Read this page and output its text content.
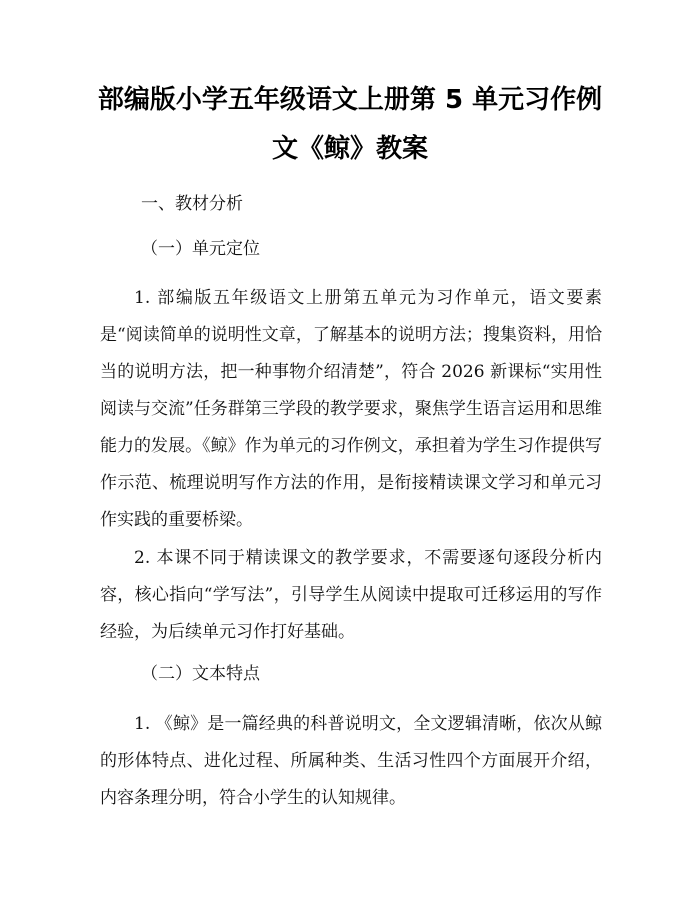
部编版小学五年级语文上册第 5 单元习作例
文《鲸》教案
一、教材分析
（一）单元定位

1. 部编版五年级语文上册第五单元为习作单元，语文要素是“阅读简单的说明性文章，了解基本的说明方法；搜集资料，用恰当的说明方法，把一种事物介绍清楚”，符合 2026 新课标“实用性阅读与交流”任务群第三学段的教学要求，聚焦学生语言运用和思维能力的发展。《鲸》作为单元的习作例文，承担着为学生习作提供写作示范、梳理说明写作方法的作用，是衔接精读课文学习和单元习作实践的重要桥梁。

2. 本课不同于精读课文的教学要求，不需要逐句逐段分析内容，核心指向“学写法”，引导学生从阅读中提取可迁移运用的写作经验，为后续单元习作打好基础。

（二）文本特点

1. 《鲸》是一篇经典的科普说明文，全文逻辑清晰，依次从鲸的形体特点、进化过程、所属种类、生活习性四个方面展开介绍，内容条理分明，符合小学生的认知规律。
